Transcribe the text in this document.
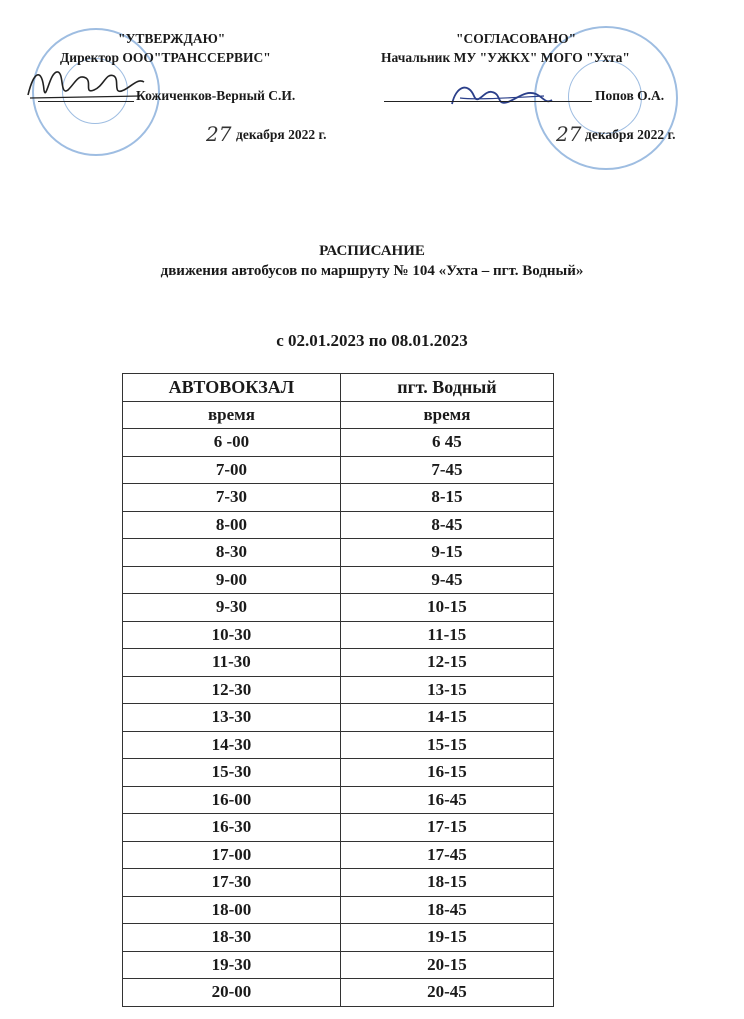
"УТВЕРЖДАЮ"
Директор ООО"ТРАНССЕРВИС"
Кожиченков-Верный С.И.
27 декабря 2022 г.
"СОГЛАСОВАНО"
Начальник МУ "УЖКХ" МОГО "Ухта"
Попов О.А.
27 декабря 2022 г.
РАСПИСАНИЕ
движения автобусов по маршруту № 104 «Ухта – пгт. Водный»
с 02.01.2023 по 08.01.2023
АВТОВОКЗАЛ	пгт. Водный
время	время
6 -00	6 45
7-00	7-45
7-30	8-15
8-00	8-45
8-30	9-15
9-00	9-45
9-30	10-15
10-30	11-15
11-30	12-15
12-30	13-15
13-30	14-15
14-30	15-15
15-30	16-15
16-00	16-45
16-30	17-15
17-00	17-45
17-30	18-15
18-00	18-45
18-30	19-15
19-30	20-15
20-00	20-45
